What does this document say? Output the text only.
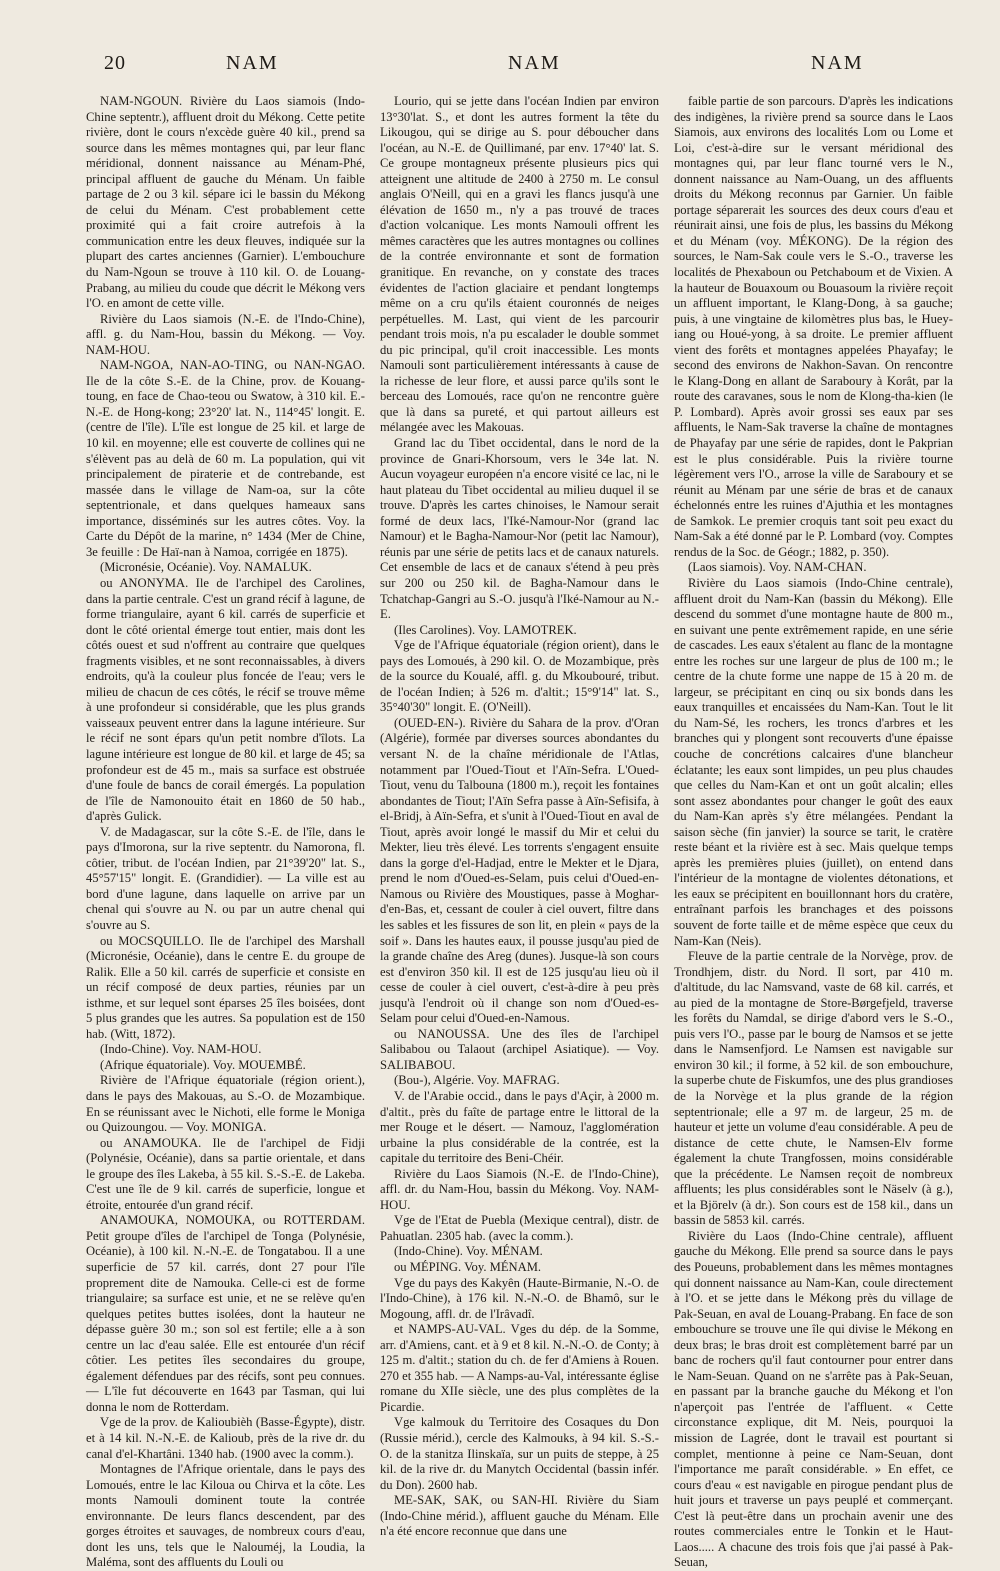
20	NAM	NAM	NAM

NAM-NGOUN. Rivière du Laos siamois (Indo-Chine septentr.), affluent droit du Mékong. Cette petite rivière, dont le cours n'excède guère 40 kil., prend sa source dans les mêmes montagnes qui, par leur flanc méridional, donnent naissance au Ménam-Phé, principal affluent de gauche du Ménam. Un faible partage de 2 ou 3 kil. sépare ici le bassin du Mékong de celui du Ménam. C'est probablement cette proximité qui a fait croire autrefois à la communication entre les deux fleuves, indiquée sur la plupart des cartes anciennes (Garnier). L'embouchure du Nam-Ngoun se trouve à 110 kil. O. de Louang-Prabang, au milieu du coude que décrit le Mékong vers l'O. en amont de cette ville.

Rivière du Laos siamois (N.-E. de l'Indo-Chine), affl. g. du Nam-Hou, bassin du Mékong. — Voy. NAM-HOU.

NAM-NGOA, NAN-AO-TING, ou NAN-NGAO. Ile de la côte S.-E. de la Chine, prov. de Kouang-toung, en face de Chao-teou ou Swatow, à 310 kil. E.-N.-E. de Hong-kong; 23°20' lat. N., 114°45' longit. E. (centre de l'île). L'île est longue de 25 kil. et large de 10 kil. en moyenne; elle est couverte de collines qui ne s'élèvent pas au delà de 60 m. La population, qui vit principalement de piraterie et de contrebande, est massée dans le village de Nam-oa, sur la côte septentrionale, et dans quelques hameaux sans importance, disséminés sur les autres côtes. Voy. la Carte du Dépôt de la marine, n° 1434 (Mer de Chine, 3e feuille : De Haï-nan à Namoa, corrigée en 1875).

(Micronésie, Océanie). Voy. NAMALUK.

ou ANONYMA. Ile de l'archipel des Carolines, dans la partie centrale. C'est un grand récif à lagune, de forme triangulaire, ayant 6 kil. carrés de superficie et dont le côté oriental émerge tout entier, mais dont les côtés ouest et sud n'offrent au contraire que quelques fragments visibles, et ne sont reconnaissables, à divers endroits, qu'à la couleur plus foncée de l'eau; vers le milieu de chacun de ces côtés, le récif se trouve même à une profondeur si considérable, que les plus grands vaisseaux peuvent entrer dans la lagune intérieure. Sur le récif ne sont épars qu'un petit nombre d'îlots. La lagune intérieure est longue de 80 kil. et large de 45; sa profondeur est de 45 m., mais sa surface est obstruée d'une foule de bancs de corail émergés. La population de l'île de Namonouito était en 1860 de 50 hab., d'après Gulick.

V. de Madagascar, sur la côte S.-E. de l'île, dans le pays d'Imorona, sur la rive septentr. du Namorona, fl. côtier, tribut. de l'océan Indien, par 21°39'20" lat. S., 45°57'15" longit. E. (Grandidier). — La ville est au bord d'une lagune, dans laquelle on arrive par un chenal qui s'ouvre au N. ou par un autre chenal qui s'ouvre au S.

ou MOCSQUILLO. Ile de l'archipel des Marshall (Micronésie, Océanie), dans le centre E. du groupe de Ralik. Elle a 50 kil. carrés de superficie et consiste en un récif composé de deux parties, réunies par un isthme, et sur lequel sont éparses 25 îles boisées, dont 5 plus grandes que les autres. Sa population est de 150 hab. (Witt, 1872).

(Indo-Chine). Voy. NAM-HOU.

(Afrique équatoriale). Voy. MOUEMBÉ.

Rivière de l'Afrique équatoriale (région orient.), dans le pays des Makouas, au S.-O. de Mozambique. En se réunissant avec le Nichoti, elle forme le Moniga ou Quizoungou. — Voy. MONIGA.

ou ANAMOUKA. Ile de l'archipel de Fidji (Polynésie, Océanie), dans sa partie orientale, et dans le groupe des îles Lakeba, à 55 kil. S.-S.-E. de Lakeba. C'est une île de 9 kil. carrés de superficie, longue et étroite, entourée d'un grand récif.

ANAMOUKA, NOMOUKA, ou ROTTERDAM. Petit groupe d'îles de l'archipel de Tonga (Polynésie, Océanie), à 100 kil. N.-N.-E. de Tongatabou. Il a une superficie de 57 kil. carrés, dont 27 pour l'île proprement dite de Namouka. Celle-ci est de forme triangulaire; sa surface est unie, et ne se relève qu'en quelques petites buttes isolées, dont la hauteur ne dépasse guère 30 m.; son sol est fertile; elle a à son centre un lac d'eau salée. Elle est entourée d'un récif côtier. Les petites îles secondaires du groupe, également défendues par des récifs, sont peu connues. — L'île fut découverte en 1643 par Tasman, qui lui donna le nom de Rotterdam.

Vge de la prov. de Kalioubièh (Basse-Égypte), distr. et à 14 kil. N.-N.-E. de Kalioub, près de la rive dr. du canal d'el-Khartâni. 1340 hab. (1900 avec la comm.).

Montagnes de l'Afrique orientale, dans le pays des Lomoués, entre le lac Kiloua ou Chirva et la côte. Les monts Namouli dominent toute la contrée environnante. De leurs flancs descendent, par des gorges étroites et sauvages, de nombreux cours d'eau, dont les uns, tels que le Nalouméj, la Loudia, la Maléma, sont des affluents du Louli ou

Lourio, qui se jette dans l'océan Indien par environ 13°30'lat. S., et dont les autres forment la tête du Likougou, qui se dirige au S. pour déboucher dans l'océan, au N.-E. de Quillimané, par env. 17°40' lat. S. Ce groupe montagneux présente plusieurs pics qui atteignent une altitude de 2400 à 2750 m. Le consul anglais O'Neill, qui en a gravi les flancs jusqu'à une élévation de 1650 m., n'y a pas trouvé de traces d'action volcanique. Les monts Namouli offrent les mêmes caractères que les autres montagnes ou collines de la contrée environnante et sont de formation granitique. En revanche, on y constate des traces évidentes de l'action glaciaire et pendant longtemps même on a cru qu'ils étaient couronnés de neiges perpétuelles. M. Last, qui vient de les parcourir pendant trois mois, n'a pu escalader le double sommet du pic principal, qu'il croit inaccessible. Les monts Namouli sont particulièrement intéressants à cause de la richesse de leur flore, et aussi parce qu'ils sont le berceau des Lomoués, race qu'on ne rencontre guère que là dans sa pureté, et qui partout ailleurs est mélangée avec les Makouas.

Grand lac du Tibet occidental, dans le nord de la province de Gnari-Khorsoum, vers le 34e lat. N. Aucun voyageur européen n'a encore visité ce lac, ni le haut plateau du Tibet occidental au milieu duquel il se trouve. D'après les cartes chinoises, le Namour serait formé de deux lacs, l'Iké-Namour-Nor (grand lac Namour) et le Bagha-Namour-Nor (petit lac Namour), réunis par une série de petits lacs et de canaux naturels. Cet ensemble de lacs et de canaux s'étend à peu près sur 200 ou 250 kil. de Bagha-Namour dans le Tchatchap-Gangri au S.-O. jusqu'à l'Iké-Namour au N.-E.

(Iles Carolines). Voy. LAMOTREK.

Vge de l'Afrique équatoriale (région orient), dans le pays des Lomoués, à 290 kil. O. de Mozambique, près de la source du Koualé, affl. g. du Mkoubouré, tribut. de l'océan Indien; à 526 m. d'altit.; 15°9'14" lat. S., 35°40'30" longit. E. (O'Neill).

(OUED-EN-). Rivière du Sahara de la prov. d'Oran (Algérie), formée par diverses sources abondantes du versant N. de la chaîne méridionale de l'Atlas, notamment par l'Oued-Tiout et l'Aïn-Sefra. L'Oued-Tiout, venu du Talbouna (1800 m.), reçoit les fontaines abondantes de Tiout; l'Aïn Sefra passe à Aïn-Sefisifa, à el-Bridj, à Aïn-Sefra, et s'unit à l'Oued-Tiout en aval de Tiout, après avoir longé le massif du Mir et celui du Mekter, lieu très élevé. Les torrents s'engagent ensuite dans la gorge d'el-Hadjad, entre le Mekter et le Djara, prend le nom d'Oued-es-Selam, puis celui d'Oued-en-Namous ou Rivière des Moustiques, passe à Moghar-d'en-Bas, et, cessant de couler à ciel ouvert, filtre dans les sables et les fissures de son lit, en plein « pays de la soif ». Dans les hautes eaux, il pousse jusqu'au pied de la grande chaîne des Areg (dunes). Jusque-là son cours est d'environ 350 kil. Il est de 125 jusqu'au lieu où il cesse de couler à ciel ouvert, c'est-à-dire à peu près jusqu'à l'endroit où il change son nom d'Oued-es-Selam pour celui d'Oued-en-Namous.

ou NANOUSSA. Une des îles de l'archipel Salibabou ou Talaout (archipel Asiatique). — Voy. SALIBABOU.

(Bou-), Algérie. Voy. MAFRAG.

V. de l'Arabie occid., dans le pays d'Açir, à 2000 m. d'altit., près du faîte de partage entre le littoral de la mer Rouge et le désert. — Namouz, l'agglomération urbaine la plus considérable de la contrée, est la capitale du territoire des Beni-Chéir.

Rivière du Laos Siamois (N.-E. de l'Indo-Chine), affl. dr. du Nam-Hou, bassin du Mékong. Voy. NAM-HOU.

Vge de l'Etat de Puebla (Mexique central), distr. de Pahuatlan. 2305 hab. (avec la comm.).

(Indo-Chine). Voy. MÉNAM.

ou MÉPING. Voy. MÉNAM.

Vge du pays des Kakyên (Haute-Birmanie, N.-O. de l'Indo-Chine), à 176 kil. N.-N.-O. de Bhamô, sur le Mogoung, affl. dr. de l'Irâvadî.

et NAMPS-AU-VAL. Vges du dép. de la Somme, arr. d'Amiens, cant. et à 9 et 8 kil. N.-N.-O. de Conty; à 125 m. d'altit.; station du ch. de fer d'Amiens à Rouen. 270 et 355 hab. — A Namps-au-Val, intéressante église romane du XIIe siècle, une des plus complètes de la Picardie.

Vge kalmouk du Territoire des Cosaques du Don (Russie mérid.), cercle des Kalmouks, à 94 kil. S.-S.-O. de la stanitza Ilinskaïa, sur un puits de steppe, à 25 kil. de la rive dr. du Manytch Occidental (bassin infér. du Don). 2600 hab.

ME-SAK, SAK, ou SAN-HI. Rivière du Siam (Indo-Chine mérid.), affluent gauche du Ménam. Elle n'a été encore reconnue que dans une

faible partie de son parcours. D'après les indications des indigènes, la rivière prend sa source dans le Laos Siamois, aux environs des localités Lom ou Lome et Loi, c'est-à-dire sur le versant méridional des montagnes qui, par leur flanc tourné vers le N., donnent naissance au Nam-Ouang, un des affluents droits du Mékong reconnus par Garnier. Un faible portage séparerait les sources des deux cours d'eau et réunirait ainsi, une fois de plus, les bassins du Mékong et du Ménam (voy. MÉKONG). De la région des sources, le Nam-Sak coule vers le S.-O., traverse les localités de Phexaboun ou Petchaboum et de Vixien. A la hauteur de Bouaxoum ou Bouasoum la rivière reçoit un affluent important, le Klang-Dong, à sa gauche; puis, à une vingtaine de kilomètres plus bas, le Huey-iang ou Houé-yong, à sa droite. Le premier affluent vient des forêts et montagnes appelées Phayafay; le second des environs de Nakhon-Savan. On rencontre le Klang-Dong en allant de Saraboury à Korât, par la route des caravanes, sous le nom de Klong-tha-kien (le P. Lombard). Après avoir grossi ses eaux par ses affluents, le Nam-Sak traverse la chaîne de montagnes de Phayafay par une série de rapides, dont le Pakprian est le plus considérable. Puis la rivière tourne légèrement vers l'O., arrose la ville de Saraboury et se réunit au Ménam par une série de bras et de canaux échelonnés entre les ruines d'Ajuthia et les montagnes de Samkok. Le premier croquis tant soit peu exact du Nam-Sak a été donné par le P. Lombard (voy. Comptes rendus de la Soc. de Géogr.; 1882, p. 350).

(Laos siamois). Voy. NAM-CHAN.

Rivière du Laos siamois (Indo-Chine centrale), affluent droit du Nam-Kan (bassin du Mékong). Elle descend du sommet d'une montagne haute de 800 m., en suivant une pente extrêmement rapide, en une série de cascades. Les eaux s'étalent au flanc de la montagne entre les roches sur une largeur de plus de 100 m.; le centre de la chute forme une nappe de 15 à 20 m. de largeur, se précipitant en cinq ou six bonds dans les eaux tranquilles et encaissées du Nam-Kan. Tout le lit du Nam-Sé, les rochers, les troncs d'arbres et les branches qui y plongent sont recouverts d'une épaisse couche de concrétions calcaires d'une blancheur éclatante; les eaux sont limpides, un peu plus chaudes que celles du Nam-Kan et ont un goût alcalin; elles sont assez abondantes pour changer le goût des eaux du Nam-Kan après s'y être mélangées. Pendant la saison sèche (fin janvier) la source se tarit, le cratère reste béant et la rivière est à sec. Mais quelque temps après les premières pluies (juillet), on entend dans l'intérieur de la montagne de violentes détonations, et les eaux se précipitent en bouillonnant hors du cratère, entraînant parfois les branchages et des poissons souvent de forte taille et de même espèce que ceux du Nam-Kan (Neis).

Fleuve de la partie centrale de la Norvège, prov. de Trondhjem, distr. du Nord. Il sort, par 410 m. d'altitude, du lac Namsvand, vaste de 68 kil. carrés, et au pied de la montagne de Store-Børgefjeld, traverse les forêts du Namdal, se dirige d'abord vers le S.-O., puis vers l'O., passe par le bourg de Namsos et se jette dans le Namsenfjord. Le Namsen est navigable sur environ 30 kil.; il forme, à 52 kil. de son embouchure, la superbe chute de Fiskumfos, une des plus grandioses de la Norvège et la plus grande de la région septentrionale; elle a 97 m. de largeur, 25 m. de hauteur et jette un volume d'eau considérable. A peu de distance de cette chute, le Namsen-Elv forme également la chute Trangfossen, moins considérable que la précédente. Le Namsen reçoit de nombreux affluents; les plus considérables sont le Näselv (à g.), et la Björelv (à dr.). Son cours est de 158 kil., dans un bassin de 5853 kil. carrés.

Rivière du Laos (Indo-Chine centrale), affluent gauche du Mékong. Elle prend sa source dans le pays des Poueuns, probablement dans les mêmes montagnes qui donnent naissance au Nam-Kan, coule directement à l'O. et se jette dans le Mékong près du village de Pak-Seuan, en aval de Louang-Prabang. En face de son embouchure se trouve une île qui divise le Mékong en deux bras; le bras droit est complètement barré par un banc de rochers qu'il faut contourner pour entrer dans le Nam-Seuan. Quand on ne s'arrête pas à Pak-Seuan, en passant par la branche gauche du Mékong et l'on n'aperçoit pas l'entrée de l'affluent. « Cette circonstance explique, dit M. Neis, pourquoi la mission de Lagrée, dont le travail est pourtant si complet, mentionne à peine ce Nam-Seuan, dont l'importance me paraît considérable. » En effet, ce cours d'eau « est navigable en pirogue pendant plus de huit jours et traverse un pays peuplé et commerçant. C'est là peut-être dans un prochain avenir une des routes commerciales entre le Tonkin et le Haut-Laos..... A chacune des trois fois que j'ai passé à Pak-Seuan,
